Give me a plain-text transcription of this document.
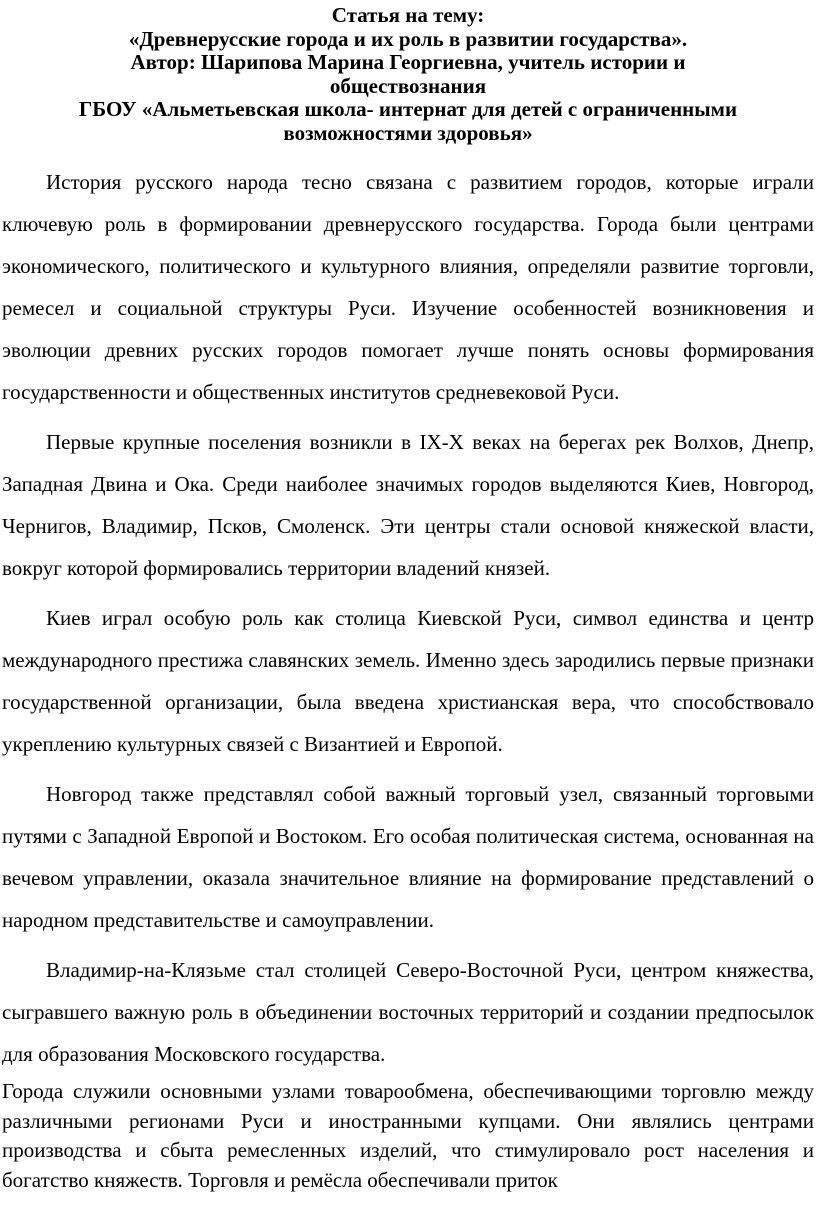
Статья на тему:
«Древнерусские города и их роль в развитии государства».
Автор: Шарипова Марина Георгиевна, учитель истории и
обществознания
ГБОУ «Альметьевская школа- интернат для детей с ограниченными
возможностями здоровья»

История русского народа тесно связана с развитием городов, которые играли ключевую роль в формировании древнерусского государства. Города были центрами экономического, политического и культурного влияния, определяли развитие торговли, ремесел и социальной структуры Руси. Изучение особенностей возникновения и эволюции древних русских городов помогает лучше понять основы формирования государственности и общественных институтов средневековой Руси.

Первые крупные поселения возникли в IX-X веках на берегах рек Волхов, Днепр, Западная Двина и Ока. Среди наиболее значимых городов выделяются Киев, Новгород, Чернигов, Владимир, Псков, Смоленск. Эти центры стали основой княжеской власти, вокруг которой формировались территории владений князей.

Киев играл особую роль как столица Киевской Руси, символ единства и центр международного престижа славянских земель. Именно здесь зародились первые признаки государственной организации, была введена христианская вера, что способствовало укреплению культурных связей с Византией и Европой.

Новгород также представлял собой важный торговый узел, связанный торговыми путями с Западной Европой и Востоком. Его особая политическая система, основанная на вечевом управлении, оказала значительное влияние на формирование представлений о народном представительстве и самоуправлении.

Владимир-на-Клязьме стал столицей Северо-Восточной Руси, центром княжества, сыгравшего важную роль в объединении восточных территорий и создании предпосылок для образования Московского государства.

Города служили основными узлами товарообмена, обеспечивающими торговлю между различными регионами Руси и иностранными купцами. Они являлись центрами производства и сбыта ремесленных изделий, что стимулировало рост населения и богатство княжеств. Торговля и ремёсла обеспечивали приток
